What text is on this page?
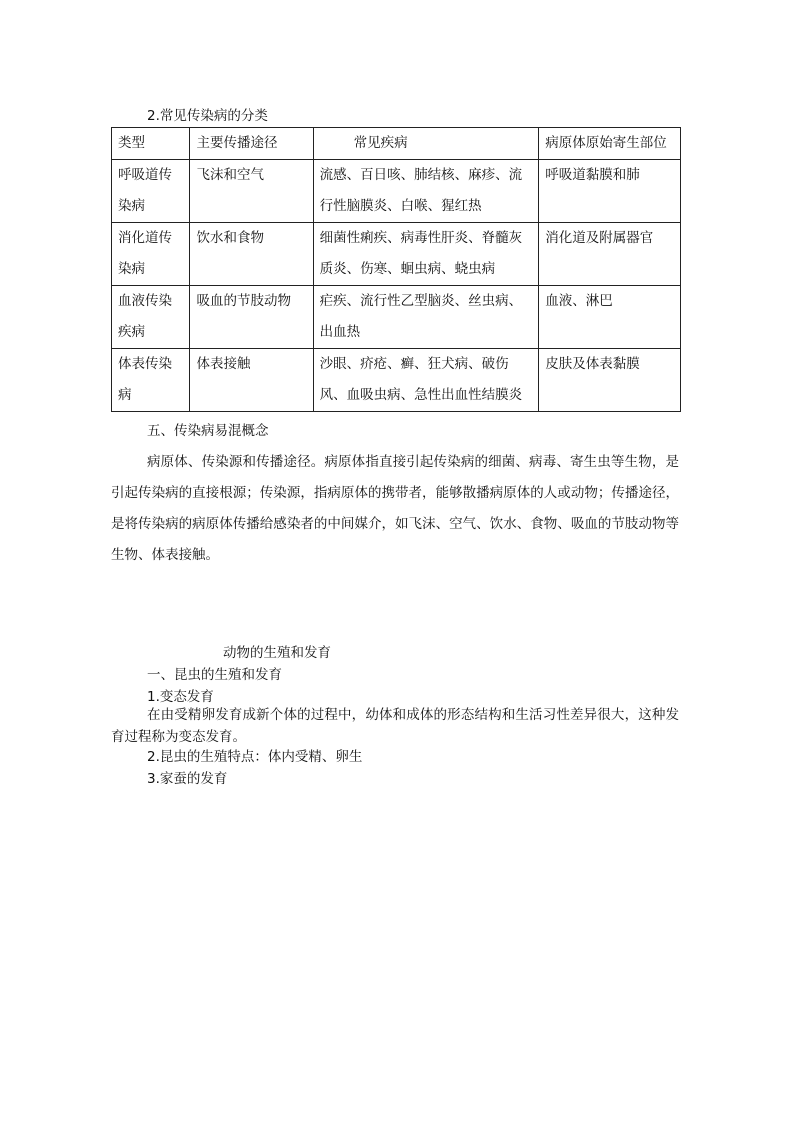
2.常见传染病的分类
类型	主要传播途径	常见疾病	病原体原始寄生部位
呼吸道传染病	飞沫和空气	流感、百日咳、肺结核、麻疹、流行性脑膜炎、白喉、猩红热	呼吸道黏膜和肺
消化道传染病	饮水和食物	细菌性痢疾、病毒性肝炎、脊髓灰质炎、伤寒、蛔虫病、蛲虫病	消化道及附属器官
血液传染疾病	吸血的节肢动物	疟疾、流行性乙型脑炎、丝虫病、出血热	血液、淋巴
体表传染病	体表接触	沙眼、疥疮、癣、狂犬病、破伤风、血吸虫病、急性出血性结膜炎	皮肤及体表黏膜
五、传染病易混概念
病原体、传染源和传播途径。病原体指直接引起传染病的细菌、病毒、寄生虫等生物，是引起传染病的直接根源；传染源，指病原体的携带者，能够散播病原体的人或动物；传播途径，是将传染病的病原体传播给感染者的中间媒介，如飞沫、空气、饮水、食物、吸血的节肢动物等生物、体表接触。
动物的生殖和发育
一、昆虫的生殖和发育
1.变态发育
在由受精卵发育成新个体的过程中，幼体和成体的形态结构和生活习性差异很大，这种发育过程称为变态发育。
2.昆虫的生殖特点：体内受精、卵生
3.家蚕的发育
